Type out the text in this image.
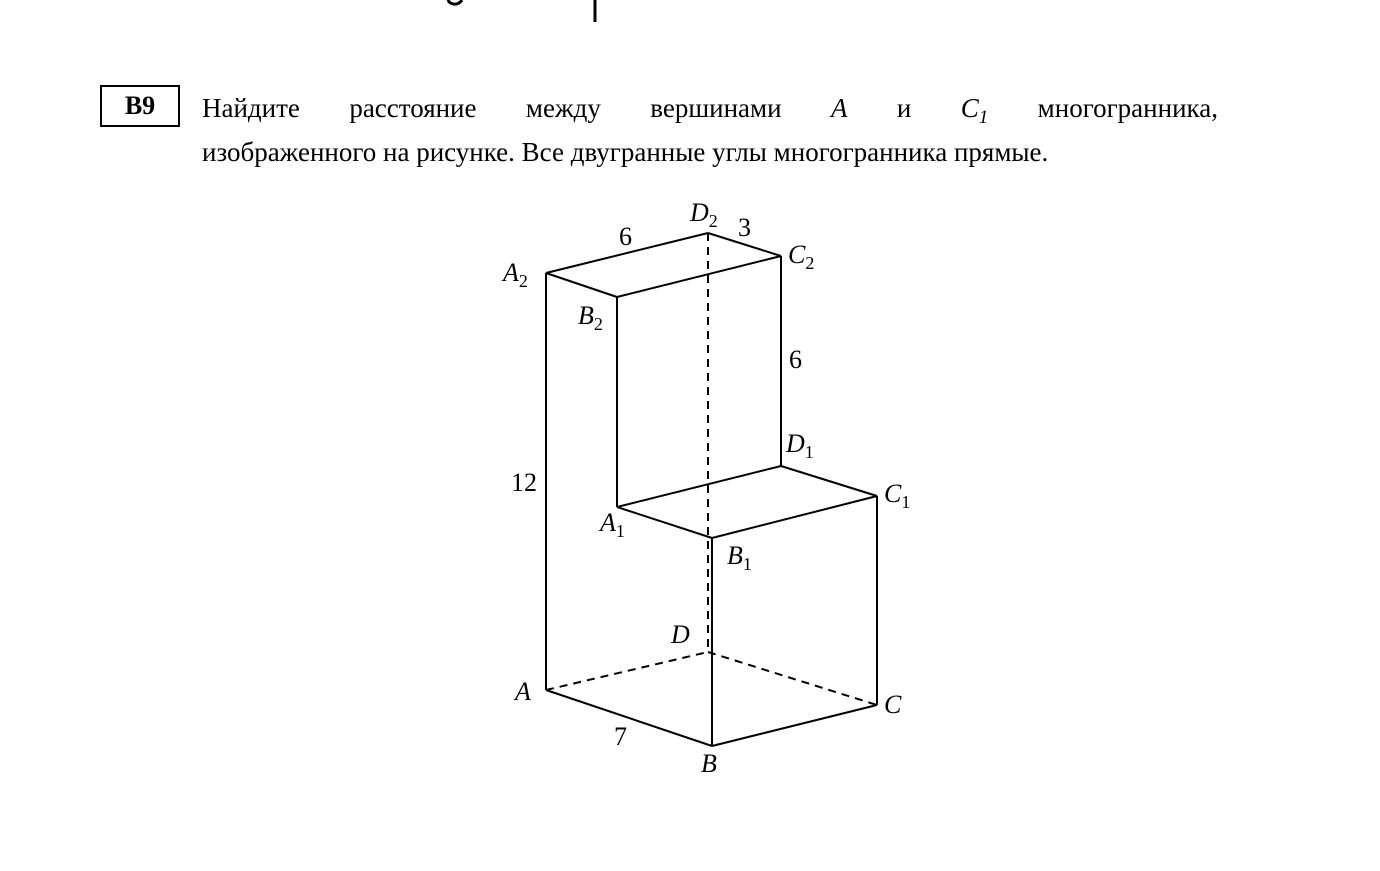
B9 Найдите расстояние между вершинами A и $C_1$ многогранника,
изображенного на рисунке. Все двугранные углы многогранника прямые.
$A_2$
$B_2$
$D_2$
$C_2$
$D_1$
$C_1$
$A_1$
$B_1$
D
A
B
C
6	3
6
12
7
